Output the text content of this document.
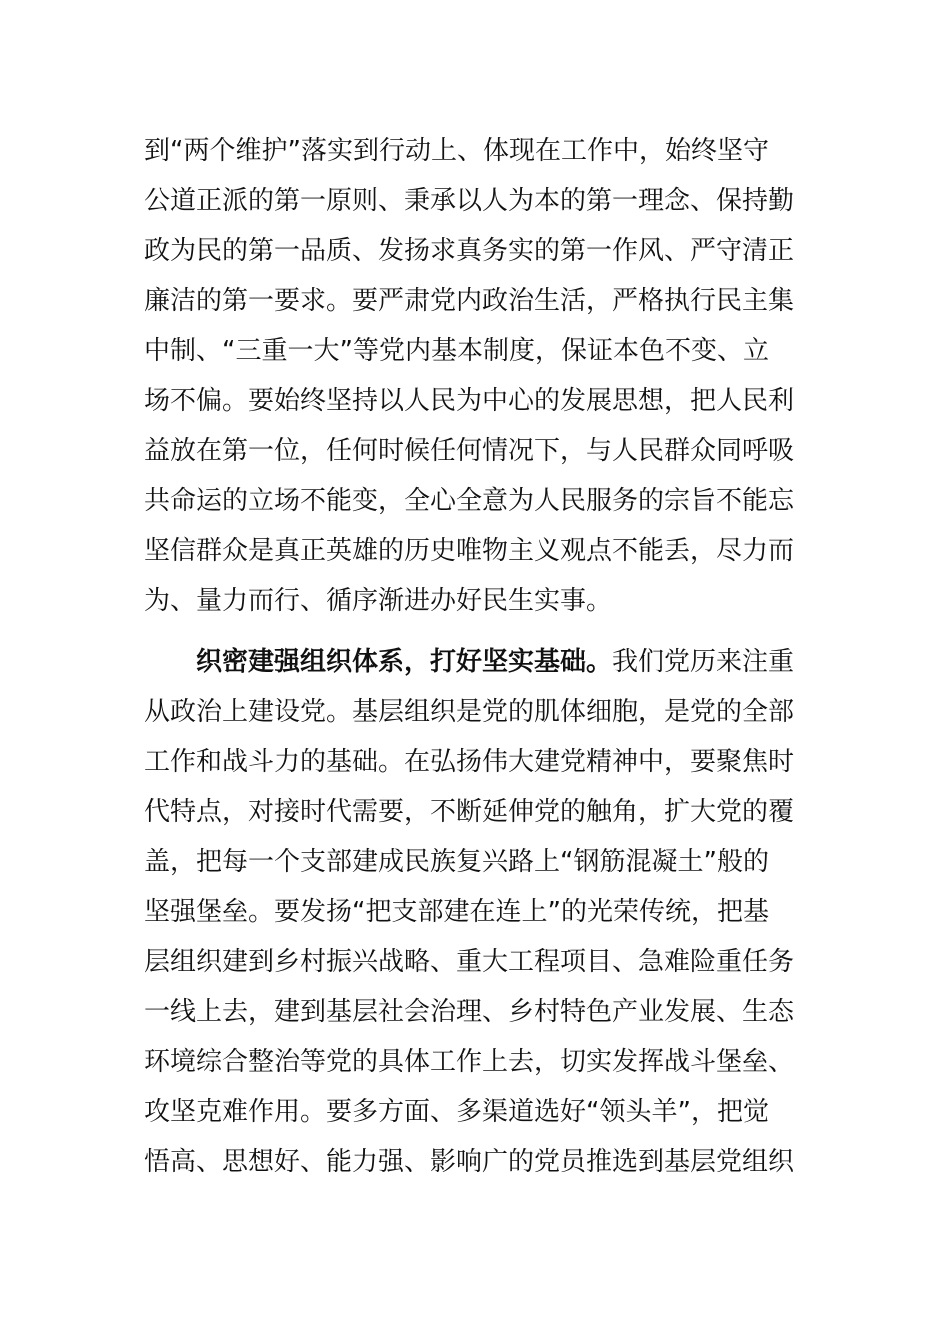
到“两个维护”落实到行动上、体现在工作中，始终坚守
公道正派的第一原则、秉承以人为本的第一理念、保持勤
政为民的第一品质、发扬求真务实的第一作风、严守清正
廉洁的第一要求。要严肃党内政治生活，严格执行民主集
中制、“三重一大”等党内基本制度，保证本色不变、立
场不偏。要始终坚持以人民为中心的发展思想，把人民利
益放在第一位，任何时候任何情况下，与人民群众同呼吸
共命运的立场不能变，全心全意为人民服务的宗旨不能忘
坚信群众是真正英雄的历史唯物主义观点不能丢，尽力而
为、量力而行、循序渐进办好民生实事。
织密建强组织体系，打好坚实基础。我们党历来注重
从政治上建设党。基层组织是党的肌体细胞，是党的全部
工作和战斗力的基础。在弘扬伟大建党精神中，要聚焦时
代特点，对接时代需要，不断延伸党的触角，扩大党的覆
盖，把每一个支部建成民族复兴路上“钢筋混凝土”般的
坚强堡垒。要发扬“把支部建在连上”的光荣传统，把基
层组织建到乡村振兴战略、重大工程项目、急难险重任务
一线上去，建到基层社会治理、乡村特色产业发展、生态
环境综合整治等党的具体工作上去，切实发挥战斗堡垒、
攻坚克难作用。要多方面、多渠道选好“领头羊”，把觉
悟高、思想好、能力强、影响广的党员推选到基层党组织
